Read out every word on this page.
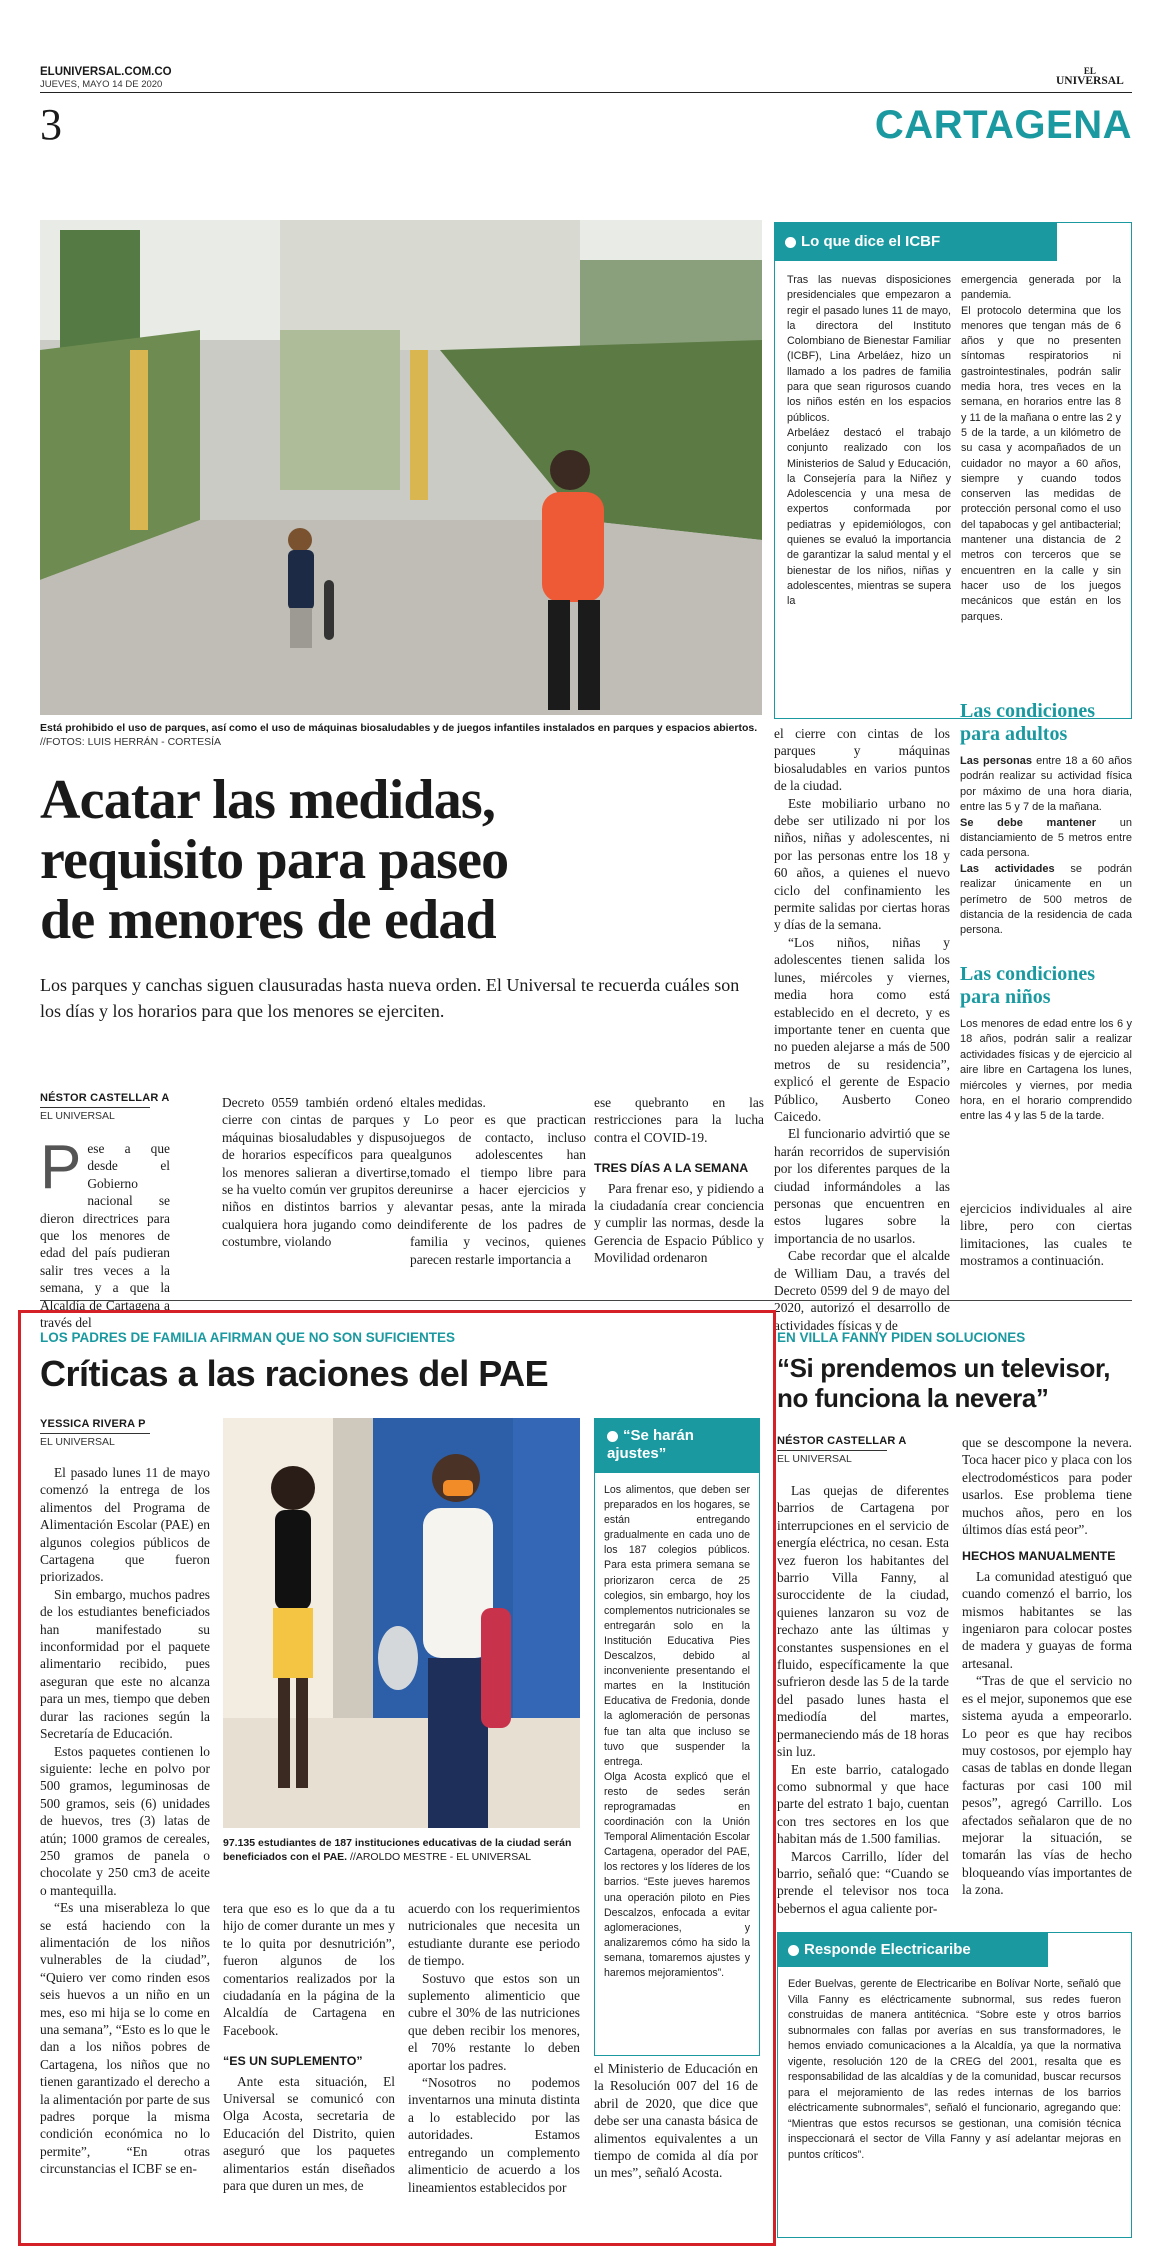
ELUNIVERSAL.COM.CO
JUEVES, MAYO 14 DE 2020
EL
UNIVERSAL
3	CARTAGENA
Está prohibido el uso de parques, así como el uso de máquinas biosaludables y de juegos infantiles instalados en parques y espacios abiertos. //FOTOS: LUIS HERRÁN - CORTESÍA
Lo que dice el ICBF

Tras las nuevas disposiciones presidenciales que empezaron a regir el pasado lunes 11 de mayo, la directora del Instituto Colombiano de Bienestar Familiar (ICBF), Lina Arbeláez, hizo un llamado a los padres de familia para que sean rigurosos cuando los niños estén en los espacios públicos.

Arbeláez destacó el trabajo conjunto realizado con los Ministerios de Salud y Educación, la Consejería para la Niñez y Adolescencia y una mesa de expertos conformada por pediatras y epidemiólogos, con quienes se evaluó la importancia de garantizar la salud mental y el bienestar de los niños, niñas y adolescentes, mientras se supera la

emergencia generada por la pandemia.

El protocolo determina que los menores que tengan más de 6 años y que no presenten síntomas respiratorios ni gastrointestinales, podrán salir media hora, tres veces en la semana, en horarios entre las 8 y 11 de la mañana o entre las 2 y 5 de la tarde, a un kilómetro de su casa y acompañados de un cuidador no mayor a 60 años, siempre y cuando todos conserven las medidas de protección personal como el uso del tapabocas y gel antibacterial; mantener una distancia de 2 metros con terceros que se encuentren en la calle y sin hacer uso de los juegos mecánicos que están en los parques.

Acatar las medidas,
requisito para paseo
de menores de edad
Los parques y canchas siguen clausuradas hasta nueva orden. El Universal te recuerda cuáles son los días y los horarios para que los menores se ejerciten.
NÉSTOR CASTELLAR A
EL UNIVERSAL
P ese a que desde el Gobierno nacional se dieron directrices para que los menores de edad del país pudieran salir tres veces a la semana, y a que la Alcaldía de Cartagena a través del

Decreto 0559 también ordenó el cierre con cintas de parques y máquinas biosaludables y dispuso de horarios específicos para que los menores salieran a divertirse, se ha vuelto común ver grupitos de niños en distintos barrios y a cualquiera hora jugando como de costumbre, violando

tales medidas.

Lo peor es que practican juegos de contacto, incluso algunos adolescentes han tomado el tiempo libre para reunirse a hacer ejercicios y levantar pesas, ante la mirada indiferente de los padres de familia y vecinos, quienes parecen restarle importancia a

ese quebranto en las restricciones para la lucha contra el COVID-19.

TRES DÍAS A LA SEMANA

Para frenar eso, y pidiendo a la ciudadanía crear conciencia y cumplir las normas, desde la Gerencia de Espacio Público y Movilidad ordenaron

el cierre con cintas de los parques y máquinas biosaludables en varios puntos de la ciudad.

Este mobiliario urbano no debe ser utilizado ni por los niños, niñas y adolescentes, ni por las personas entre los 18 y 60 años, a quienes el nuevo ciclo del confinamiento les permite salidas por ciertas horas y días de la semana.

“Los niños, niñas y adolescentes tienen salida los lunes, miércoles y viernes, media hora como está establecido en el decreto, y es importante tener en cuenta que no pueden alejarse a más de 500 metros de su residencia”, explicó el gerente de Espacio Público, Ausberto Coneo Caicedo.

El funcionario advirtió que se harán recorridos de supervisión por los diferentes parques de la ciudad informándoles a las personas que encuentren en estos lugares sobre la importancia de no usarlos.

Cabe recordar que el alcalde de William Dau, a través del Decreto 0599 del 9 de mayo del 2020, autorizó el desarrollo de actividades físicas y de

ejercicios individuales al aire libre, pero con ciertas limitaciones, las cuales te mostramos a continuación.

Las condiciones para adultos

Las personas entre 18 a 60 años podrán realizar su actividad física por máximo de una hora diaria, entre las 5 y 7 de la mañana.

Se debe mantener un distanciamiento de 5 metros entre cada persona.

Las actividades se podrán realizar únicamente en un perímetro de 500 metros de distancia de la residencia de cada persona.

Las condiciones para niños

Los menores de edad entre los 6 y 18 años, podrán salir a realizar actividades físicas y de ejercicio al aire libre en Cartagena los lunes, miércoles y viernes, por media hora, en el horario comprendido entre las 4 y las 5 de la tarde.

LOS PADRES DE FAMILIA AFIRMAN QUE NO SON SUFICIENTES
Críticas a las raciones del PAE
YESSICA RIVERA P
EL UNIVERSAL

El pasado lunes 11 de mayo comenzó la entrega de los alimentos del Programa de Alimentación Escolar (PAE) en algunos colegios públicos de Cartagena que fueron priorizados.

Sin embargo, muchos padres de los estudiantes beneficiados han manifestado su inconformidad por el paquete alimentario recibido, pues aseguran que este no alcanza para un mes, tiempo que deben durar las raciones según la Secretaría de Educación.

Estos paquetes contienen lo siguiente: leche en polvo por 500 gramos, leguminosas de 500 gramos, seis (6) unidades de huevos, tres (3) latas de atún; 1000 gramos de cereales, 250 gramos de panela o chocolate y 250 cm3 de aceite o mantequilla.

“Es una miserableza lo que se está haciendo con la alimentación de los niños vulnerables de la ciudad”, “Quiero ver como rinden esos seis huevos a un niño en un mes, eso mi hija se lo come en una semana”, “Esto es lo que le dan a los niños pobres de Cartagena, los niños que no tienen garantizado el derecho a la alimentación por parte de sus padres porque la misma condición económica no lo permite”, “En otras circunstancias el ICBF se en-

97.135 estudiantes de 187 instituciones educativas de la ciudad serán beneficiados con el PAE. //AROLDO MESTRE - EL UNIVERSAL

tera que eso es lo que da a tu hijo de comer durante un mes y te lo quita por desnutrición”, fueron algunos de los comentarios realizados por la ciudadanía en la página de la Alcaldía de Cartagena en Facebook.

“ES UN SUPLEMENTO”

Ante esta situación, El Universal se comunicó con Olga Acosta, secretaria de Educación del Distrito, quien aseguró que los paquetes alimentarios están diseñados para que duren un mes, de

acuerdo con los requerimientos nutricionales que necesita un estudiante durante ese periodo de tiempo.

Sostuvo que estos son un suplemento alimenticio que cubre el 30% de las nutriciones que deben recibir los menores, el 70% restante lo deben aportar los padres.

“Nosotros no podemos inventarnos una minuta distinta a lo establecido por las autoridades. Estamos entregando un complemento alimenticio de acuerdo a los lineamientos establecidos por

el Ministerio de Educación en la Resolución 007 del 16 de abril de 2020, que dice que debe ser una canasta básica de alimentos equivalentes a un tiempo de comida al día por un mes”, señaló Acosta.

“Se harán ajustes”

Los alimentos, que deben ser preparados en los hogares, se están entregando gradualmente en cada uno de los 187 colegios públicos. Para esta primera semana se priorizaron cerca de 25 colegios, sin embargo, hoy los complementos nutricionales se entregarán solo en la Institución Educativa Pies Descalzos, debido al inconveniente presentando el martes en la Institución Educativa de Fredonia, donde la aglomeración de personas fue tan alta que incluso se tuvo que suspender la entrega.

Olga Acosta explicó que el resto de sedes serán reprogramadas en coordinación con la Unión Temporal Alimentación Escolar Cartagena, operador del PAE, los rectores y los líderes de los barrios. “Este jueves haremos una operación piloto en Pies Descalzos, enfocada a evitar aglomeraciones, y analizaremos cómo ha sido la semana, tomaremos ajustes y haremos mejoramientos”.

EN VILLA FANNY PIDEN SOLUCIONES
“Si prendemos un televisor, no funciona la nevera”
NÉSTOR CASTELLAR A
EL UNIVERSAL

Las quejas de diferentes barrios de Cartagena por interrupciones en el servicio de energía eléctrica, no cesan. Esta vez fueron los habitantes del barrio Villa Fanny, al suroccidente de la ciudad, quienes lanzaron su voz de rechazo ante las últimas y constantes suspensiones en el fluido, específicamente la que sufrieron desde las 5 de la tarde del pasado lunes hasta el mediodía del martes, permaneciendo más de 18 horas sin luz.

En este barrio, catalogado como subnormal y que hace parte del estrato 1 bajo, cuentan con tres sectores en los que habitan más de 1.500 familias.

Marcos Carrillo, líder del barrio, señaló que: “Cuando se prende el televisor nos toca bebernos el agua caliente por-

que se descompone la nevera. Toca hacer pico y placa con los electrodomésticos para poder usarlos. Ese problema tiene muchos años, pero en los últimos días está peor”.

HECHOS MANUALMENTE

La comunidad atestiguó que cuando comenzó el barrio, los mismos habitantes se las ingeniaron para colocar postes de madera y guayas de forma artesanal.

“Tras de que el servicio no es el mejor, suponemos que ese sistema ayuda a empeorarlo. Lo peor es que hay recibos muy costosos, por ejemplo hay casas de tablas en donde llegan facturas por casi 100 mil pesos”, agregó Carrillo. Los afectados señalaron que de no mejorar la situación, se tomarán las vías de hecho bloqueando vías importantes de la zona.

Responde Electricaribe

Eder Buelvas, gerente de Electricaribe en Bolívar Norte, señaló que Villa Fanny es eléctricamente subnormal, sus redes fueron construidas de manera antitécnica. “Sobre este y otros barrios subnormales con fallas por averías en sus transformadores, le hemos enviado comunicaciones a la Alcaldía, ya que la normativa vigente, resolución 120 de la CREG del 2001, resalta que es responsabilidad de las alcaldías y de la comunidad, buscar recursos para el mejoramiento de las redes internas de los barrios eléctricamente subnormales”, señaló el funcionario, agregando que: “Mientras que estos recursos se gestionan, una comisión técnica inspeccionará el sector de Villa Fanny y así adelantar mejoras en puntos críticos”.
